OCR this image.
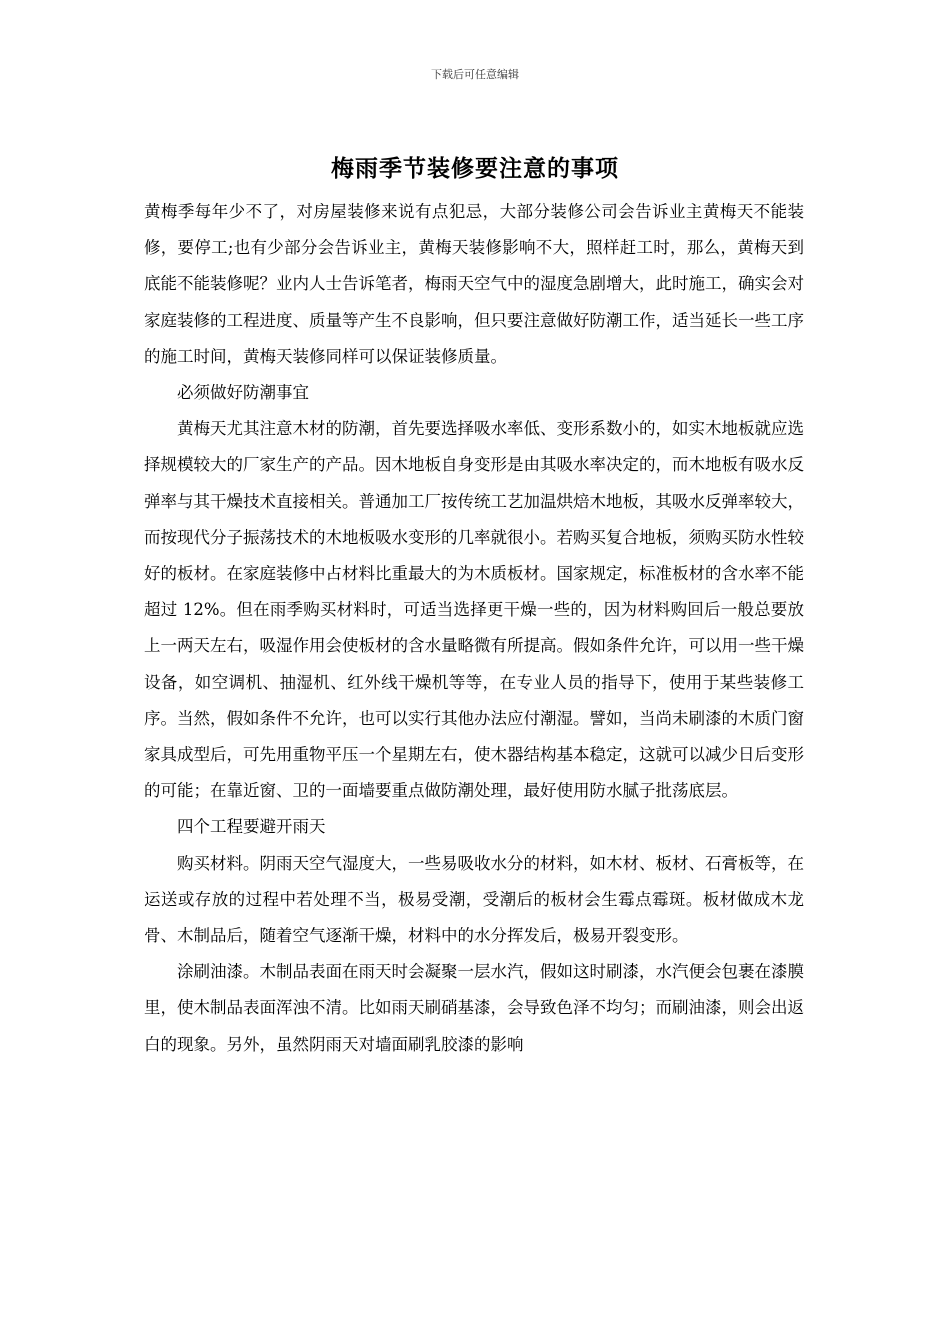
下载后可任意编辑
梅雨季节装修要注意的事项

黄梅季每年少不了，对房屋装修来说有点犯忌，大部分装修公司会告诉业主黄梅天不能装修，要停工;也有少部分会告诉业主，黄梅天装修影响不大，照样赶工时，那么，黄梅天到底能不能装修呢？业内人士告诉笔者，梅雨天空气中的湿度急剧增大，此时施工，确实会对家庭装修的工程进度、质量等产生不良影响，但只要注意做好防潮工作，适当延长一些工序的施工时间，黄梅天装修同样可以保证装修质量。

必须做好防潮事宜

黄梅天尤其注意木材的防潮，首先要选择吸水率低、变形系数小的，如实木地板就应选择规模较大的厂家生产的产品。因木地板自身变形是由其吸水率决定的，而木地板有吸水反弹率与其干燥技术直接相关。普通加工厂按传统工艺加温烘焙木地板，其吸水反弹率较大，而按现代分子振荡技术的木地板吸水变形的几率就很小。若购买复合地板，须购买防水性较好的板材。在家庭装修中占材料比重最大的为木质板材。国家规定，标准板材的含水率不能超过 12%。但在雨季购买材料时，可适当选择更干燥一些的，因为材料购回后一般总要放上一两天左右，吸湿作用会使板材的含水量略微有所提高。假如条件允许，可以用一些干燥设备，如空调机、抽湿机、红外线干燥机等等，在专业人员的指导下，使用于某些装修工序。当然，假如条件不允许，也可以实行其他办法应付潮湿。譬如，当尚未刷漆的木质门窗家具成型后，可先用重物平压一个星期左右，使木器结构基本稳定，这就可以减少日后变形的可能；在靠近窗、卫的一面墙要重点做防潮处理，最好使用防水腻子批荡底层。

四个工程要避开雨天

购买材料。阴雨天空气湿度大，一些易吸收水分的材料，如木材、板材、石膏板等，在运送或存放的过程中若处理不当，极易受潮，受潮后的板材会生霉点霉斑。板材做成木龙骨、木制品后，随着空气逐渐干燥，材料中的水分挥发后，极易开裂变形。

涂刷油漆。木制品表面在雨天时会凝聚一层水汽，假如这时刷漆，水汽便会包裹在漆膜里，使木制品表面浑浊不清。比如雨天刷硝基漆，会导致色泽不均匀；而刷油漆，则会出返白的现象。另外，虽然阴雨天对墙面刷乳胶漆的影响
